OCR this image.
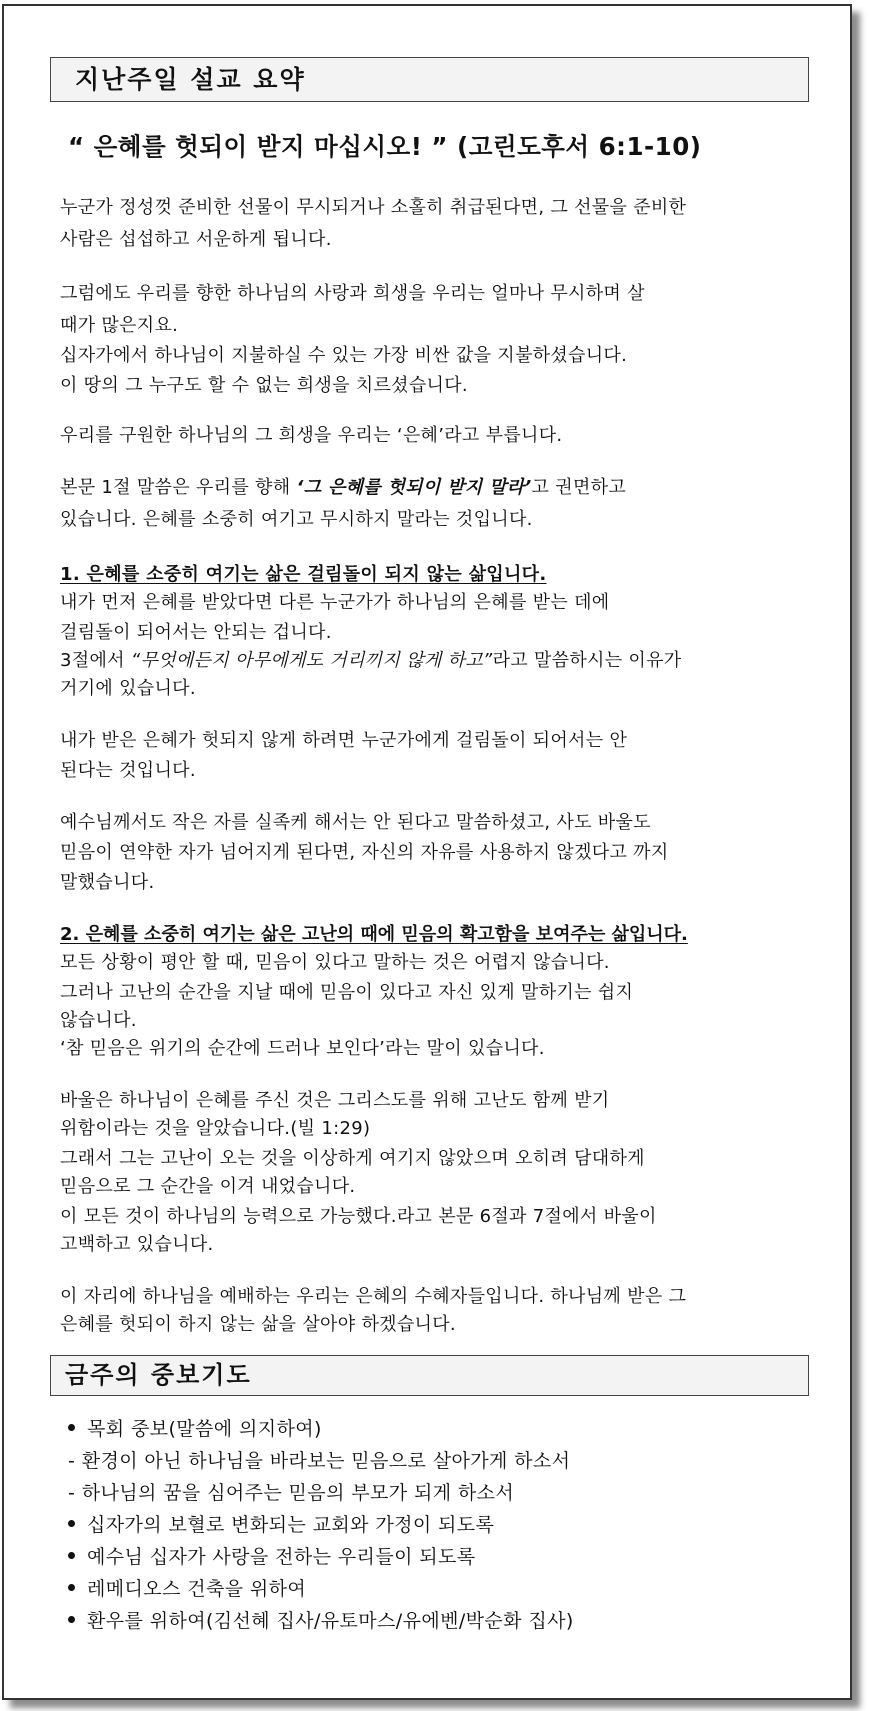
지난주일 설교 요약
“ 은혜를 헛되이 받지 마십시오! ” (고린도후서 6:1-10)
누군가 정성껏 준비한 선물이 무시되거나 소홀히 취급된다면, 그 선물을 준비한
사람은 섭섭하고 서운하게 됩니다.
그럼에도 우리를 향한 하나님의 사랑과 희생을 우리는 얼마나 무시하며 살
때가 많은지요.
십자가에서 하나님이 지불하실 수 있는 가장 비싼 값을 지불하셨습니다.
이 땅의 그 누구도 할 수 없는 희생을 치르셨습니다.
우리를 구원한 하나님의 그 희생을 우리는 ‘은혜’라고 부릅니다.
본문 1절 말씀은 우리를 향해 ‘그 은혜를 헛되이 받지 말라’고 권면하고
있습니다. 은혜를 소중히 여기고 무시하지 말라는 것입니다.
1. 은혜를 소중히 여기는 삶은 걸림돌이 되지 않는 삶입니다.
내가 먼저 은혜를 받았다면 다른 누군가가 하나님의 은혜를 받는 데에
걸림돌이 되어서는 안되는 겁니다.
3절에서 “무엇에든지 아무에게도 거리끼지 않게 하고”라고 말씀하시는 이유가
거기에 있습니다.
내가 받은 은혜가 헛되지 않게 하려면 누군가에게 걸림돌이 되어서는 안
된다는 것입니다.
예수님께서도 작은 자를 실족케 해서는 안 된다고 말씀하셨고, 사도 바울도
믿음이 연약한 자가 넘어지게 된다면, 자신의 자유를 사용하지 않겠다고 까지
말했습니다.
2. 은혜를 소중히 여기는 삶은 고난의 때에 믿음의 확고함을 보여주는 삶입니다.
모든 상황이 평안 할 때, 믿음이 있다고 말하는 것은 어렵지 않습니다.
그러나 고난의 순간을 지날 때에 믿음이 있다고 자신 있게 말하기는 쉽지
않습니다.
‘참 믿음은 위기의 순간에 드러나 보인다’라는 말이 있습니다.
바울은 하나님이 은혜를 주신 것은 그리스도를 위해 고난도 함께 받기
위함이라는 것을 알았습니다.(빌 1:29)
그래서 그는 고난이 오는 것을 이상하게 여기지 않았으며 오히려 담대하게
믿음으로 그 순간을 이겨 내었습니다.
이 모든 것이 하나님의 능력으로 가능했다.라고 본문 6절과 7절에서 바울이
고백하고 있습니다.
이 자리에 하나님을 예배하는 우리는 은혜의 수혜자들입니다. 하나님께 받은 그
은혜를 헛되이 하지 않는 삶을 살아야 하겠습니다.
금주의 중보기도
목회 중보(말씀에 의지하여)
- 환경이 아닌 하나님을 바라보는 믿음으로 살아가게 하소서
- 하나님의 꿈을 심어주는 믿음의 부모가 되게 하소서
십자가의 보혈로 변화되는 교회와 가정이 되도록
예수님 십자가 사랑을 전하는 우리들이 되도록
레메디오스 건축을 위하여
환우를 위하여(김선혜 집사/유토마스/유에벤/박순화 집사)
